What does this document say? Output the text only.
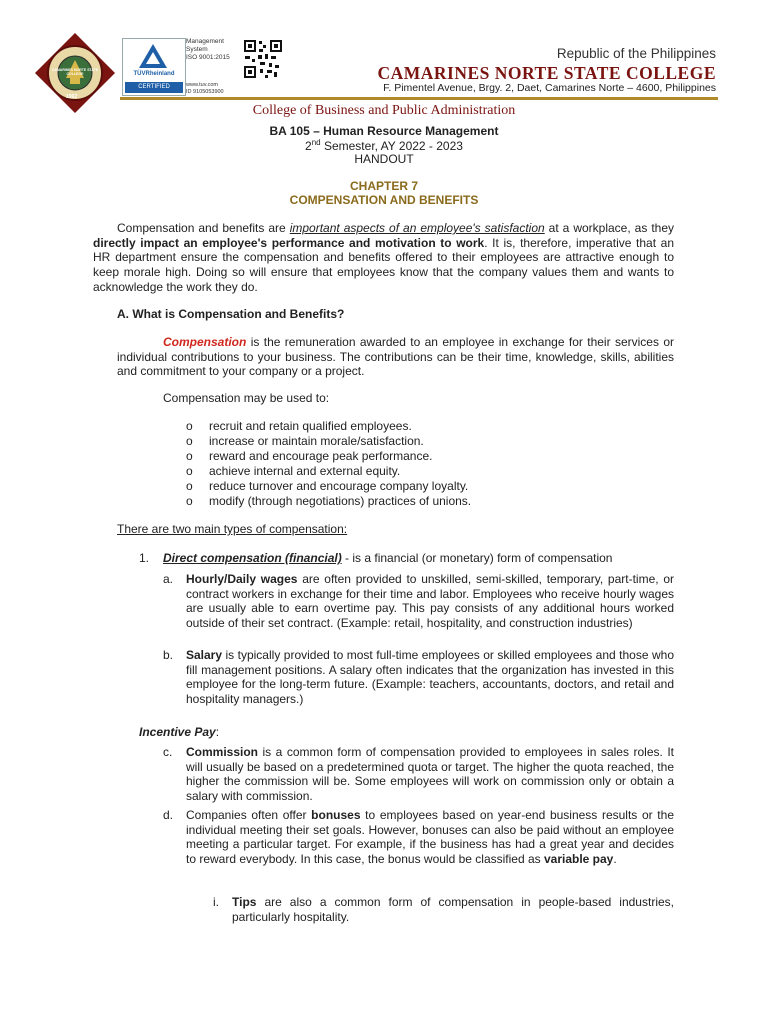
CAMARINES NORTE STATE COLLEGE
1992
TÜVRheinland
CERTIFIED
Management
System
ISO 9001:2015
www.tuv.com
ID 9105053900
Republic of the Philippines
CAMARINES NORTE STATE COLLEGE
F. Pimentel Avenue, Brgy. 2, Daet, Camarines Norte – 4600, Philippines
College of Business and Public Administration
BA 105 – Human Resource Management
2nd Semester, AY 2022 - 2023
HANDOUT
CHAPTER 7
COMPENSATION AND BENEFITS

Compensation and benefits are important aspects of an employee's satisfaction at a workplace, as they directly impact an employee's performance and motivation to work. It is, therefore, imperative that an HR department ensure the compensation and benefits offered to their employees are attractive enough to keep morale high. Doing so will ensure that employees know that the company values them and wants to acknowledge the work they do.

A. What is Compensation and Benefits?

Compensation is the remuneration awarded to an employee in exchange for their services or individual contributions to your business. The contributions can be their time, knowledge, skills, abilities and commitment to your company or a project.

Compensation may be used to:
o recruit and retain qualified employees.
o increase or maintain morale/satisfaction.
o reward and encourage peak performance.
o achieve internal and external equity.
o reduce turnover and encourage company loyalty.
o modify (through negotiations) practices of unions.
There are two main types of compensation:
1. Direct compensation (financial) - is a financial (or monetary) form of compensation
a. Hourly/Daily wages are often provided to unskilled, semi-skilled, temporary, part-time, or contract workers in exchange for their time and labor. Employees who receive hourly wages are usually able to earn overtime pay. This pay consists of any additional hours worked outside of their set contract. (Example: retail, hospitality, and construction industries)

b. Salary is typically provided to most full-time employees or skilled employees and those who fill management positions. A salary often indicates that the organization has invested in this employee for the long-term future. (Example: teachers, accountants, doctors, and retail and hospitality managers.)

Incentive Pay:
c. Commission is a common form of compensation provided to employees in sales roles. It will usually be based on a predetermined quota or target. The higher the quota reached, the higher the commission will be. Some employees will work on commission only or obtain a salary with commission.

d. Companies often offer bonuses to employees based on year-end business results or the individual meeting their set goals. However, bonuses can also be paid without an employee meeting a particular target. For example, if the business has had a great year and decides to reward everybody. In this case, the bonus would be classified as variable pay.

i. Tips are also a common form of compensation in people-based industries, particularly hospitality.
